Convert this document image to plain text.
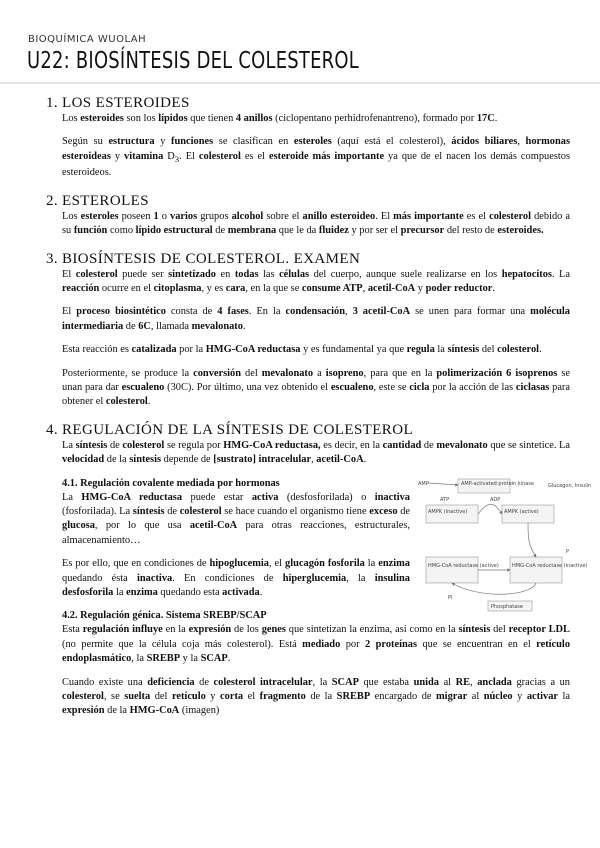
BIOQUÍMICA WUOLAH
U22: BIOSÍNTESIS DEL COLESTEROL
1. LOS ESTEROIDES

Los esteroides son los lípidos que tienen 4 anillos (ciclopentano perhidrofenantreno), formado por 17C.

Según su estructura y funciones se clasifican en esteroles (aquí está el colesterol), ácidos biliares, hormonas esteroideas y vitamina $D_3$. El colesterol es el esteroide más importante ya que de el nacen los demás compuestos esteroideos.

2. ESTEROLES

Los esteroles poseen 1 o varios grupos alcohol sobre el anillo esteroideo. El más importante es el colesterol debido a su función como lípido estructural de membrana que le da fluidez y por ser el precursor del resto de esteroides.

3. BIOSÍNTESIS DE COLESTEROL. EXAMEN

El colesterol puede ser sintetizado en todas las células del cuerpo, aunque suele realizarse en los hepatocitos. La reacción ocurre en el citoplasma, y es cara, en la que se consume ATP, acetil-CoA y poder reductor.

El proceso biosintético consta de 4 fases. En la condensación, 3 acetil-CoA se unen para formar una molécula intermediaria de 6C, llamada mevalonato.

Esta reacción es catalizada por la HMG-CoA reductasa y es fundamental ya que regula la síntesis del colesterol.

Posteriormente, se produce la conversión del mevalonato a isopreno, para que en la polimerización 6 isoprenos se unan para dar escualeno (30C). Por último, una vez obtenido el escualeno, este se cicla por la acción de las ciclasas para obtener el colesterol.

4. REGULACIÓN DE LA SÍNTESIS DE COLESTEROL

La síntesis de colesterol se regula por HMG-CoA reductasa, es decir, en la cantidad de mevalonato que se sintetice. La velocidad de la síntesis depende de [sustrato] intracelular, acetil-CoA.

4.1. Regulación covalente mediada por hormonas

La HMG-CoA reductasa puede estar activa (desfosforilada) o inactiva (fosforilada). La síntesis de colesterol se hace cuando el organismo tiene exceso de glucosa, por lo que usa acetil-CoA para otras reacciones, estructurales, almacenamiento…

Es por ello, que en condiciones de hipoglucemia, el glucagón fosforila la enzima quedando ésta inactiva. En condiciones de hiperglucemia, la insulina desfosforila la enzima quedando esta activada.

AMP-activated protein kinase
AMPK (inactive)	AMPK (active)
HMG-CoA reductase (active)	HMG-CoA reductase (inactive)
Phosphatase
Glucagon, Insulin
ATP	ADP
AMP
Pi
P
4.2. Regulación génica. Sistema SREBP/SCAP

Esta regulación influye en la expresión de los genes que sintetizan la enzima, así como en la síntesis del receptor LDL (no permite que la célula coja más colesterol). Está mediado por 2 proteínas que se encuentran en el retículo endoplasmático, la SREBP y la SCAP.

Cuando existe una deficiencia de colesterol intracelular, la SCAP que estaba unida al RE, anclada gracias a un colesterol, se suelta del retículo y corta el fragmento de la SREBP encargado de migrar al núcleo y activar la expresión de la HMG-CoA (imagen)
